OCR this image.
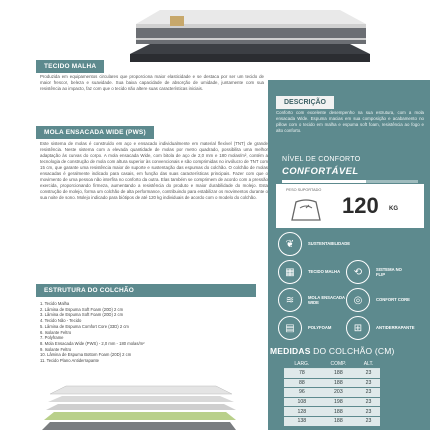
TECIDO MALHA
Produzida em equipamentos circulares que proporciona maior elasticidade e se destaca por ser um tecido de maior frescor, beleza e suavidade. Sua baixa capacidade de absorção de umidade, juntamente com sua resistência ao impacto, faz com que o tecido não altere suas características iniciais.
MOLA ENSACADA WIDE (PWS)
Este sistema de molas é construído em aço e ensacado individualmente em material flexível (TNT) de grande resistência. Neste sistema com a elevada quantidade de molas por metro quadrado, possibilita uma melhor adaptação às curvas do corpo. A mola ensacada Wide, com bitola de aço de 2,0 mm e 180 molas/m², contém a tecnologia de construção de mola com altura superior às convencionais e são comprimidas no invólucro de TNT com 15 cm, que garante uma resistência maior de suporte e sustentação das espumas do colchão. O colchão de molas ensacadas é geralmente indicado para casais, em função das suas características principais. Fazer com que o movimento de uma pessoa não interfira no conforto da outra. Elas também se comprimem de acordo com a pressão exercida, proporcionando firmeza, aumentando a resistência do produto e maior durabilidade do molejo. Esta construção de molejo, forma um colchão de alta performance, contribuindo para estabilizar os movimentos durante o sua noite de sono. Molejo indicado para biótipos de até 120 kg individuais de acordo com o modelo do colchão.
ESTRUTURA DO COLCHÃO
1. Tecido Malha
2. Lâmina de Espuma Soft Foam (20D) 2 cm
3. Lâmina de Espuma Soft Foam (20D) 2 cm
4. Tecido Não - Tecido
5. Lâmina de Espuma Comfort Core (33D) 2 cm
6. Isolante Feltro
7. Polyframe
8. Mola Ensacada Wide (PWS) - 2,0 mm - 180 molas/m²
9. Isolante Feltro
10. Lâmina de Espuma Bottom Foam (20D) 2 cm
11. Tecido Plano Antiderrapante
DESCRIÇÃO
Conforto com excelente desempenho na sua estrutura, com a mola ensacada Wide. Espuma macias em sua composição e acabamento no pillow com o tecido em malha e espuma soft foam, resistência ao fogo e alto conforto.
NÍVEL DE CONFORTO
CONFORTÁVEL
PESO SUPORTADO
120 KG
❦	SUSTENTABILIDADE
▦	TECIDO MALHA	⟲	SISTEMA NO FLIP
≋	MOLA ENSACADA WIDE	◎	CONFORT CORE
▤	POLYFOAM	⊞	ANTIDERRAPANTE
MEDIDAS DO COLCHÃO (CM)
LARG.	COMP.	ALT.
78	188	23
88	188	23
96	203	23
108	198	23
128	188	23
138	188	23
